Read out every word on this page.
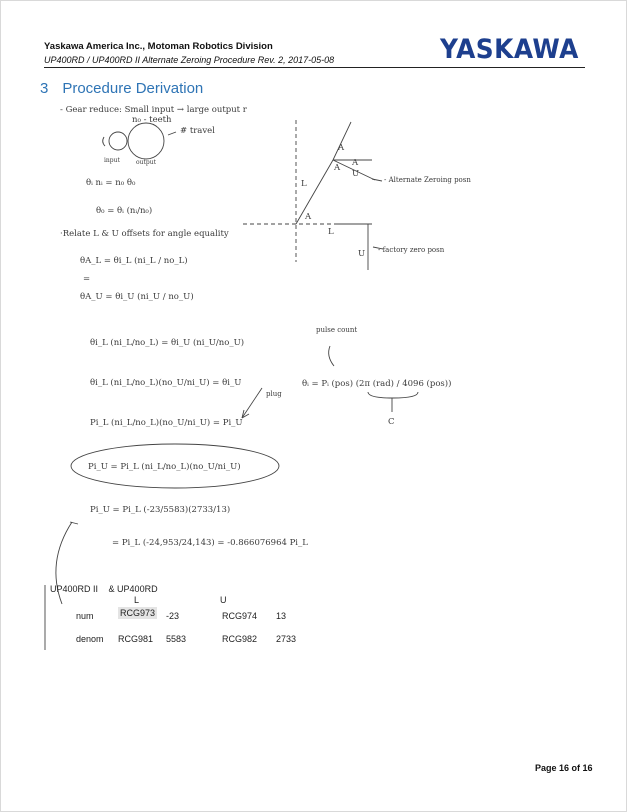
Yaskawa America Inc., Motoman Robotics Division
UP400RD / UP400RD II Alternate Zeroing Procedure Rev. 2, 2017-05-08	YASKAWA
3 Procedure Derivation
- Gear reduce: Small input → large output r
n₀ - teeth
# travel
input	output
θᵢ nᵢ = n₀ θ₀
θ₀ = θᵢ (nᵢ/n₀)
·Relate L & U offsets for angle equality
θA_L = θi_L (ni_L / no_L)
=
θA_U = θi_U (ni_U / no_U)
θi_L (ni_L/no_L) = θi_U (ni_U/no_U)
θi_L (ni_L/no_L)(no_U/ni_U) = θi_U
Pi_L (ni_L/no_L)(no_U/ni_U) = Pi_U
Pi_U = Pi_L (ni_L/no_L)(no_U/ni_U)
Pi_U = Pi_L (-23/5583)(2733/13)
= Pi_L (-24,953/24,143) = -0.866076964 Pi_L
pulse count
plug
θᵢ = Pᵢ (pos) (2π (rad) / 4096 (pos))
C
- Alternate Zeroing posn
- factory zero posn
L
L
U
U
A
A
A
A
UP400RD II & UP400RD
L	U
num	RCG973 -23	RCG974 13
denom RCG981 5583	RCG982 2733
Page 16 of 16
